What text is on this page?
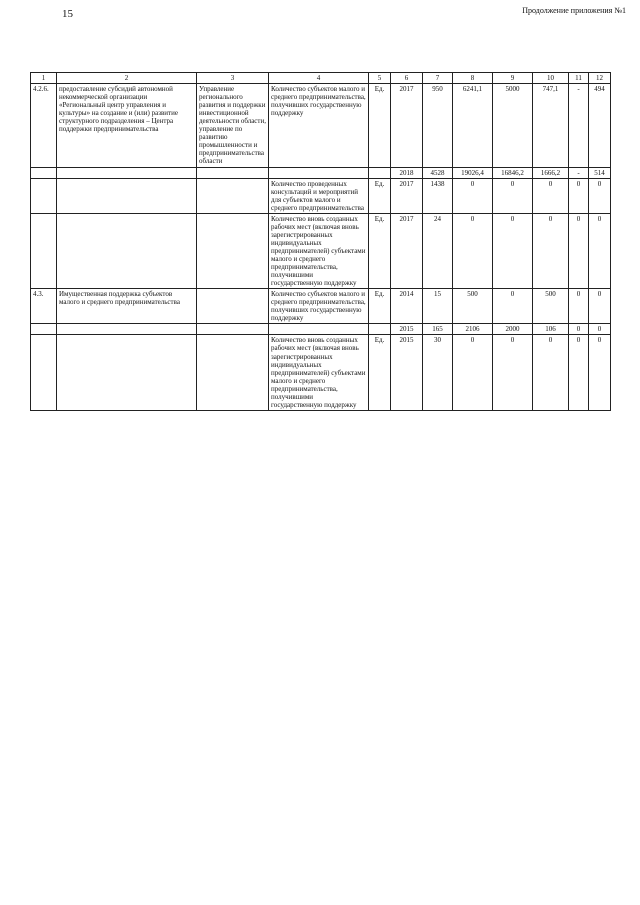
15	Продолжение приложения №1
1	2	3	4	5	6	7	8	9	10	11	12
4.2.6.	предоставление субсидий автономной некоммерческой организации «Региональный центр управления и культуры» на создание и (или) развитие структурного подразделения – Центра поддержки предпринимательства	Управление регионального развития и поддержки инвестиционной деятельности области, управление по развитию промышленности и предпринимательства области	Количество субъектов малого и среднего предпринимательства, получивших государственную поддержку	Ед.	2017	950	6241,1	5000	747,1	-	494
					2018	4528	19026,4	16846,2	1666,2	-	514
			Количество проведенных консультаций и мероприятий для субъектов малого и среднего предпринимательства	Ед.	2017	1438	0	0	0	0	0
			Количество вновь созданных рабочих мест (включая вновь зарегистрированных индивидуальных предпринимателей) субъектами малого и среднего предпринимательства, получившими государственную поддержку	Ед.	2017	24	0	0	0	0	0
4.3.	Имущественная поддержка субъектов малого и среднего предпринимательства		Количество субъектов малого и среднего предпринимательства, получивших государственную поддержку	Ед.	2014	15	500	0	500	0	0
					2015	165	2106	2000	106	0	0
			Количество вновь созданных рабочих мест (включая вновь зарегистрированных индивидуальных предпринимателей) субъектами малого и среднего предпринимательства, получившими государственную поддержку	Ед.	2015	30	0	0	0	0	0
